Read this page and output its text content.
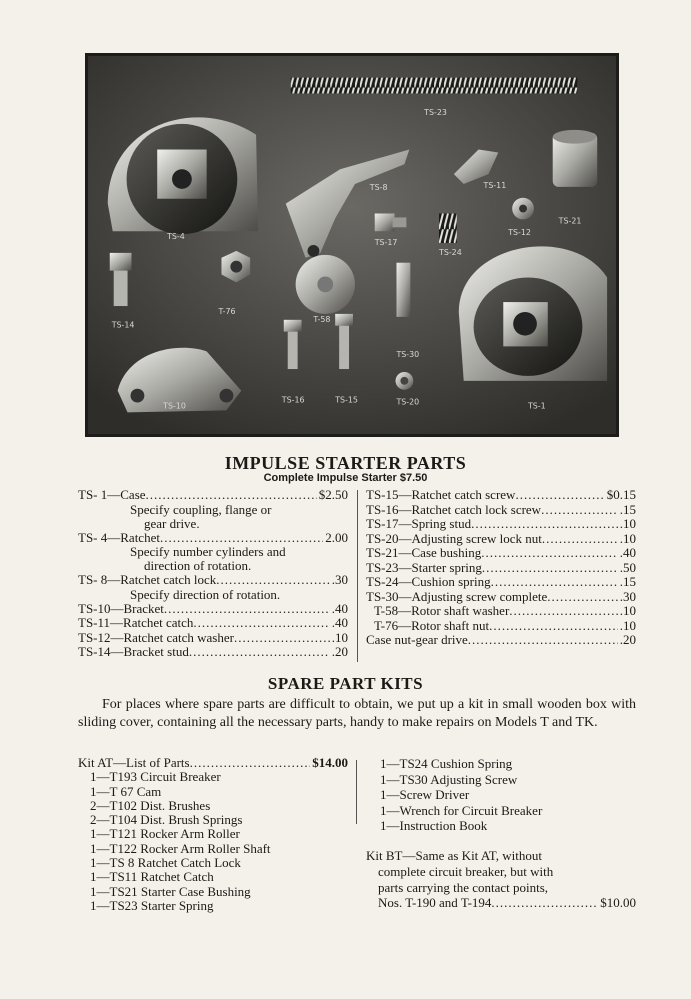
TS-23
TS-4
TS-8	TS-11
TS-21
TS-17
TS-24
TS-12
TS-14
T-76
T-58
TS-30
TS-10
TS-16	TS-15	TS-20	TS-1
IMPULSE STARTER PARTS
Complete Impulse Starter $7.50
TS- 1—Case .....	$2.50
Specify coupling, flange or
gear drive.
TS- 4—Ratchet .....	2.00
Specify number cylinders and
direction of rotation.
TS- 8—Ratchet catch lock .....	.30
Specify direction of rotation.
TS-10—Bracket .....	.40
TS-11—Ratchet catch .....	.40
TS-12—Ratchet catch washer .....	.10
TS-14—Bracket stud .....	.20
TS-15—Ratchet catch screw .....	$0.15
TS-16—Ratchet catch lock screw .....	.15
TS-17—Spring stud .....	.10
TS-20—Adjusting screw lock nut .....	.10
TS-21—Case bushing .....	.40
TS-23—Starter spring .....	.50
TS-24—Cushion spring .....	.15
TS-30—Adjusting screw complete .....	.30
T-58—Rotor shaft washer .....	.10
T-76—Rotor shaft nut .....	.10
Case nut-gear drive .....	.20
SPARE PART KITS
For places where spare parts are difficult to obtain, we put up a kit in small wooden box with sliding cover, containing all the necessary parts, handy to make repairs on Models T and TK.
Kit AT—List of Parts .....	$14.00
1—T193 Circuit Breaker
1—T 67 Cam
2—T102 Dist. Brushes
2—T104 Dist. Brush Springs
1—T121 Rocker Arm Roller
1—T122 Rocker Arm Roller Shaft
1—TS 8 Ratchet Catch Lock
1—TS11 Ratchet Catch
1—TS21 Starter Case Bushing
1—TS23 Starter Spring
1—TS24 Cushion Spring
1—TS30 Adjusting Screw
1—Screw Driver
1—Wrench for Circuit Breaker
1—Instruction Book
Kit BT—Same as Kit AT, without
complete circuit breaker, but with
parts carrying the contact points,
Nos. T-190 and T-194 .....	$10.00
